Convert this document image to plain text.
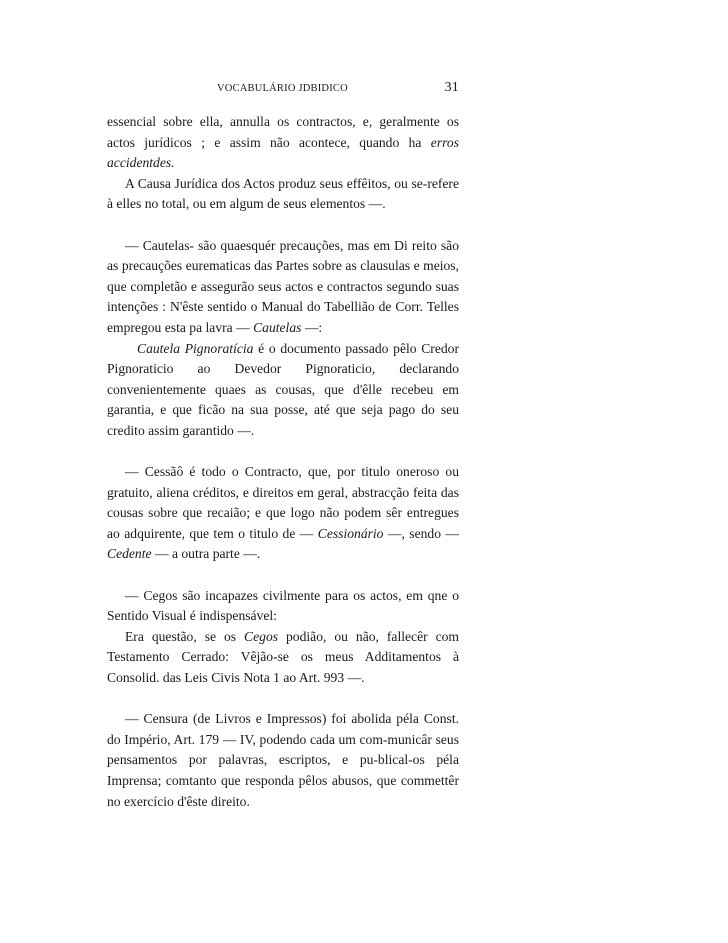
VOCABULÁRIO JDBIDICO	31

essencial sobre ella, annulla os contractos, e, geralmente os actos jurídicos ; e assim não acontece, quando ha erros accidentdes.

A Causa Jurídica dos Actos produz seus effêitos, ou se-refere à elles no total, ou em algum de seus elementos —.

— Cautelas- são quaesquér precauções, mas em Di reito são as precauções eurematicas das Partes sobre as clausulas e meios, que completão e assegurão seus actos e contractos segundo suas intenções : N'êste sentido o Manual do Tabellião de Corr. Telles empregou esta pa lavra — Cautelas —:

Cautela Pignoratícia é o documento passado pêlo Credor Pignoraticio ao Devedor Pignoraticio, declarando convenientemente quaes as cousas, que d'êlle recebeu em garantia, e que ficão na sua posse, até que seja pago do seu credito assim garantido —.

— Cessãô é todo o Contracto, que, por titulo oneroso ou gratuito, aliena créditos, e direitos em geral, abstracção feita das cousas sobre que recaião; e que logo não podem sêr entregues ao adquirente, que tem o titulo de — Cessionário —, sendo — Cedente — a outra parte —.

— Cegos são incapazes civilmente para os actos, em qne o Sentido Visual é indispensável:

Era questão, se os Cegos podião, ou não, fallecêr com Testamento Cerrado: Vêjão-se os meus Additamentos à Consolid. das Leis Civis Nota 1 ao Art. 993 —.

— Censura (de Livros e Impressos) foi abolida péla Const. do Império, Art. 179 — IV, podendo cada um com-municâr seus pensamentos por palavras, escriptos, e pu-blical-os péla Imprensa; comtanto que responda pêlos abusos, que commettêr no exercício d'êste direito.
